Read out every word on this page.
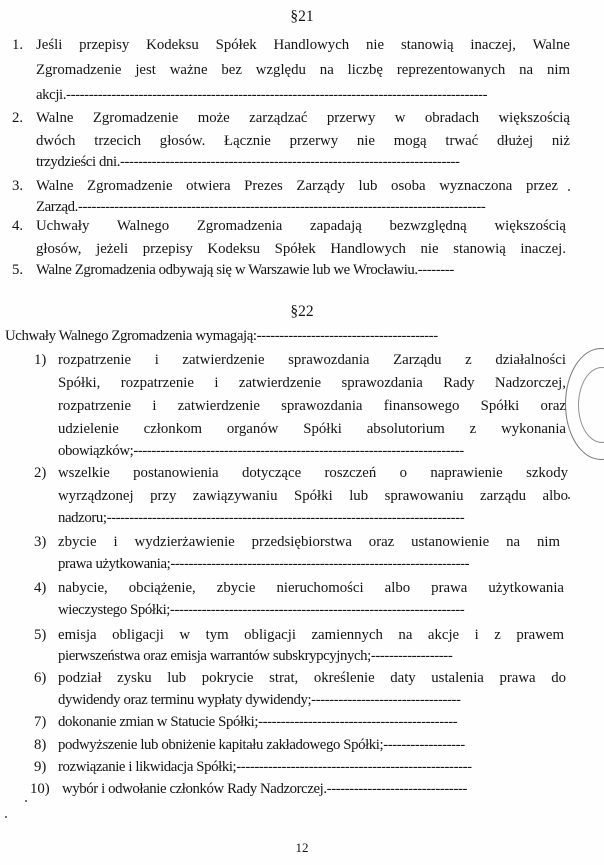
§21
1. Jeśli przepisy Kodeksu Spółek Handlowych nie stanowią inaczej, Walne
Zgromadzenie jest ważne bez względu na liczbę reprezentowanych na nim
akcji.---------------------------------------------------------------------------------------------
2. Walne Zgromadzenie może zarządzać przerwy w obradach większością
dwóch trzecich głosów. Łącznie przerwy nie mogą trwać dłużej niż
trzydzieści dni.---------------------------------------------------------------------------
3. Walne Zgromadzenie otwiera Prezes Zarządy lub osoba wyznaczona przez
Zarząd.------------------------------------------------------------------------------------------
4. Uchwały Walnego Zgromadzenia zapadają bezwzględną większością
głosów, jeżeli przepisy Kodeksu Spółek Handlowych nie stanowią inaczej.
5. Walne Zgromadzenia odbywają się w Warszawie lub we Wrocławiu.--------
§22
Uchwały Walnego Zgromadzenia wymagają:----------------------------------------
1) rozpatrzenie i zatwierdzenie sprawozdania Zarządu z działalności
Spółki, rozpatrzenie i zatwierdzenie sprawozdania Rady Nadzorczej,
rozpatrzenie i zatwierdzenie sprawozdania finansowego Spółki oraz
udzielenie członkom organów Spółki absolutorium z wykonania
obowiązków;-------------------------------------------------------------------------
2) wszelkie postanowienia dotyczące roszczeń o naprawienie szkody
wyrządzonej przy zawiązywaniu Spółki lub sprawowaniu zarządu albo
nadzoru;-------------------------------------------------------------------------------
3) zbycie i wydzierżawienie przedsiębiorstwa oraz ustanowienie na nim
prawa użytkowania;------------------------------------------------------------------
4) nabycie, obciążenie, zbycie nieruchomości albo prawa użytkowania
wieczystego Spółki;-----------------------------------------------------------------
5) emisja obligacji w tym obligacji zamiennych na akcje i z prawem
pierwszeństwa oraz emisja warrantów subskrypcyjnych;------------------
6) podział zysku lub pokrycie strat, określenie daty ustalenia prawa do
dywidendy oraz terminu wypłaty dywidendy;---------------------------------
7) dokonanie zmian w Statucie Spółki;--------------------------------------------
8) podwyższenie lub obniżenie kapitału zakładowego Spółki;------------------
9) rozwiązanie i likwidacja Spółki;----------------------------------------------------
10) wybór i odwołanie członków Rady Nadzorczej.-------------------------------
12
